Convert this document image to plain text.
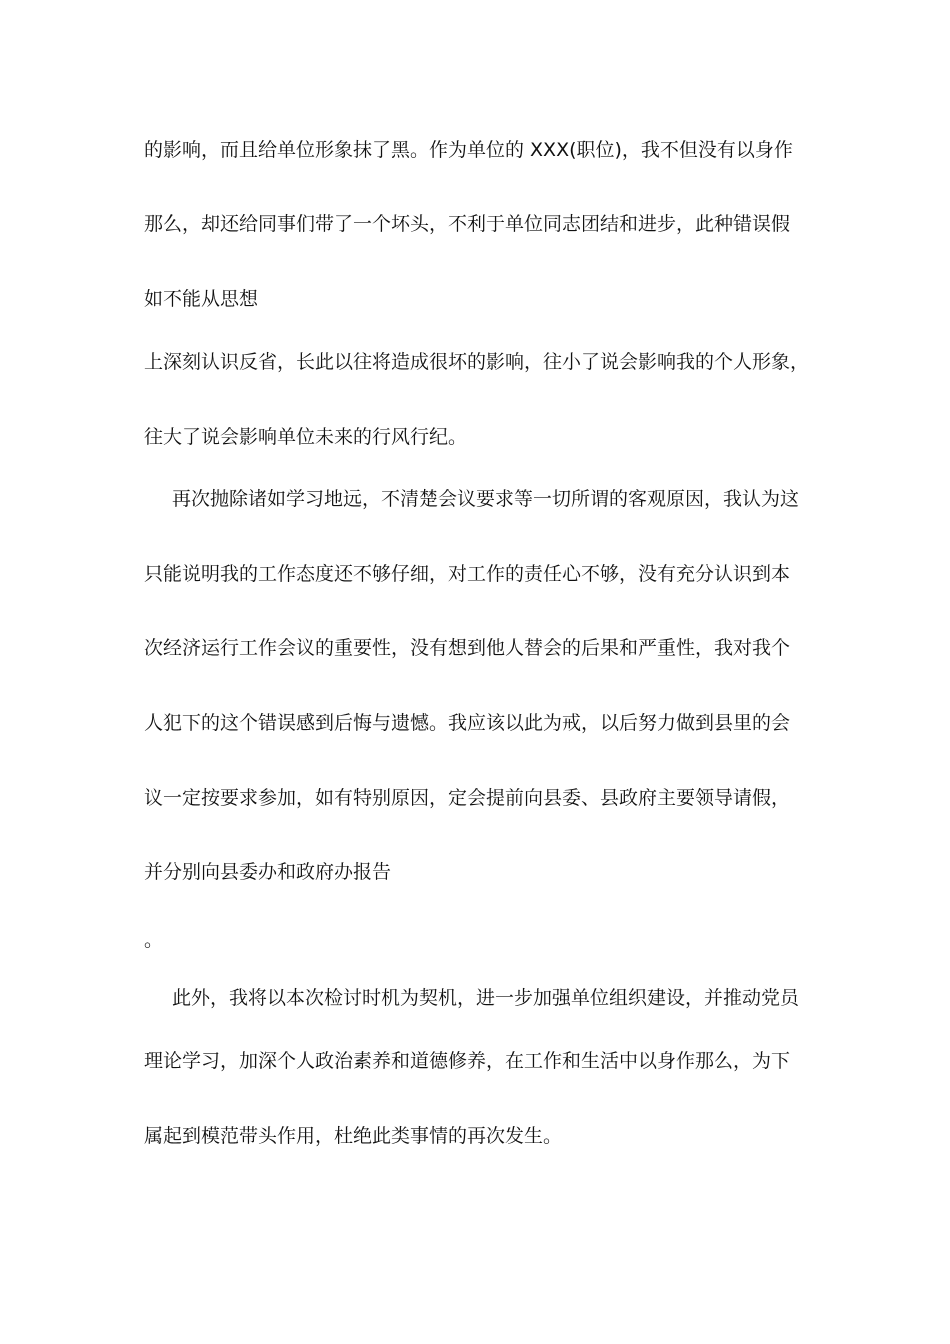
的影响，而且给单位形象抹了黑。作为单位的 XXX(职位)，我不但没有以身作
那么，却还给同事们带了一个坏头，不利于单位同志团结和进步，此种错误假
如不能从思想
上深刻认识反省，长此以往将造成很坏的影响，往小了说会影响我的个人形象，
往大了说会影响单位未来的行风行纪。
再次抛除诸如学习地远，不清楚会议要求等一切所谓的客观原因，我认为这
只能说明我的工作态度还不够仔细，对工作的责任心不够，没有充分认识到本
次经济运行工作会议的重要性，没有想到他人替会的后果和严重性，我对我个
人犯下的这个错误感到后悔与遗憾。我应该以此为戒，以后努力做到县里的会
议一定按要求参加，如有特别原因，定会提前向县委、县政府主要领导请假，
并分别向县委办和政府办报告
。
此外，我将以本次检讨时机为契机，进一步加强单位组织建设，并推动党员
理论学习，加深个人政治素养和道德修养，在工作和生活中以身作那么，为下
属起到模范带头作用，杜绝此类事情的再次发生。
